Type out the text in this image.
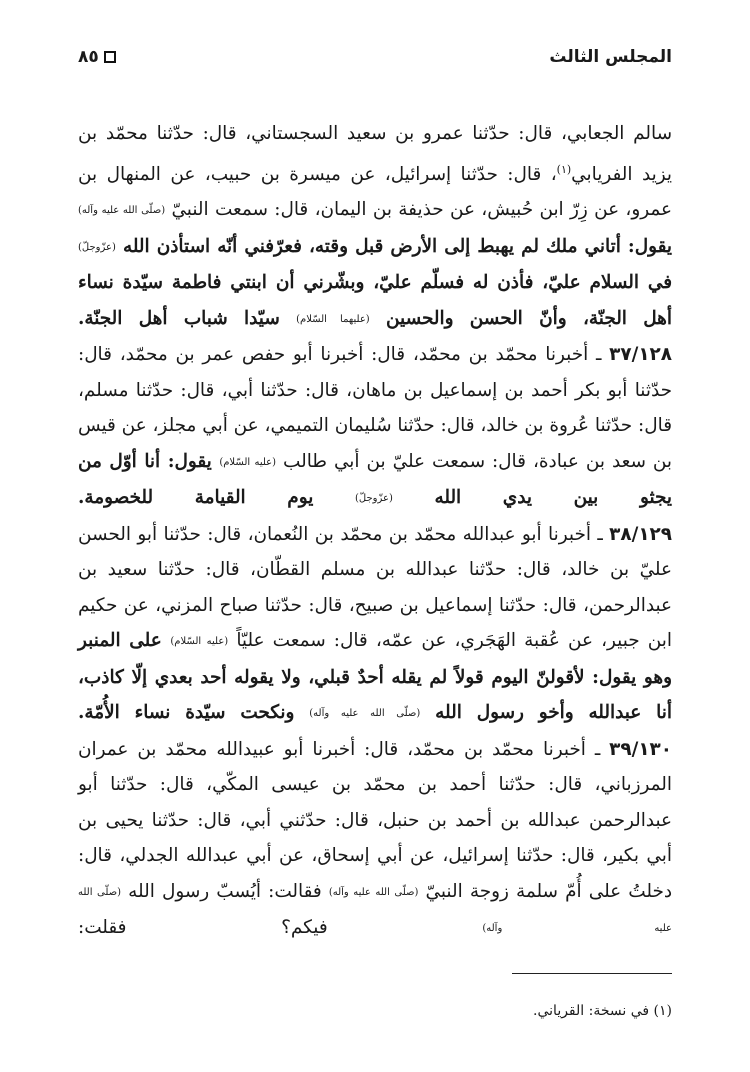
المجلس الثالث
٨٥

سالم الجعابي، قال: حدّثنا عمرو بن سعيد السجستاني، قال: حدّثنا محمّد بن يزيد الفريابي$^{(١)}$، قال: حدّثنا إسرائيل، عن ميسرة بن حبيب، عن المنهال بن عمرو، عن زِرّ ابن حُبيش، عن حذيفة بن اليمان، قال: سمعت النبيّ (صلّى الله عليه وآله) يقول: أتاني ملك لم يهبط إلى الأرض قبل وقته، فعرّفني أنّه استأذن الله (عزّوجلّ) في السلام عليّ، فأذن له فسلّم عليّ، وبشّرني أن ابنتي فاطمة سيّدة نساء أهل الجنّة، وأنّ الحسن والحسين (عليهما السّلام) سيّدا شباب أهل الجنّة.

٣٧/١٢٨ ـ أخبرنا محمّد بن محمّد، قال: أخبرنا أبو حفص عمر بن محمّد، قال: حدّثنا أبو بكر أحمد بن إسماعيل بن ماهان، قال: حدّثنا أبي، قال: حدّثنا مسلم، قال: حدّثنا عُروة بن خالد، قال: حدّثنا سُليمان التميمي، عن أبي مجلز، عن قيس بن سعد بن عبادة، قال: سمعت عليّ بن أبي طالب (عليه السّلام) يقول: أنا أوّل من يجثو بين يدي الله (عزّوجلّ) يوم القيامة للخصومة.

٣٨/١٢٩ ـ أخبرنا أبو عبدالله محمّد بن محمّد بن النُعمان، قال: حدّثنا أبو الحسن عليّ بن خالد، قال: حدّثنا عبدالله بن مسلم القطّان، قال: حدّثنا سعيد بن عبدالرحمن، قال: حدّثنا إسماعيل بن صبيح، قال: حدّثنا صباح المزني، عن حكيم ابن جبير، عن عُقبة الهَجَري، عن عمّه، قال: سمعت عليّاً (عليه السّلام) على المنبر وهو يقول: لأقولنّ اليوم قولاً لم يقله أحدٌ قبلي، ولا يقوله أحد بعدي إلّا كاذب، أنا عبدالله وأخو رسول الله (صلّى الله عليه وآله) ونكحت سيّدة نساء الأُمّة.

٣٩/١٣٠ ـ أخبرنا محمّد بن محمّد، قال: أخبرنا أبو عبيدالله محمّد بن عمران المرزباني، قال: حدّثنا أحمد بن محمّد بن عيسى المكّي، قال: حدّثنا أبو عبدالرحمن عبدالله بن أحمد بن حنبل، قال: حدّثني أبي، قال: حدّثنا يحيى بن أبي بكير، قال: حدّثنا إسرائيل، عن أبي إسحاق، عن أبي عبدالله الجدلي، قال: دخلتُ على أُمّ سلمة زوجة النبيّ (صلّى الله عليه وآله) فقالت: أيُسبّ رسول الله (صلّى الله عليه وآله) فيكم؟ فقلت:

(١) في نسخة: القرياني.
